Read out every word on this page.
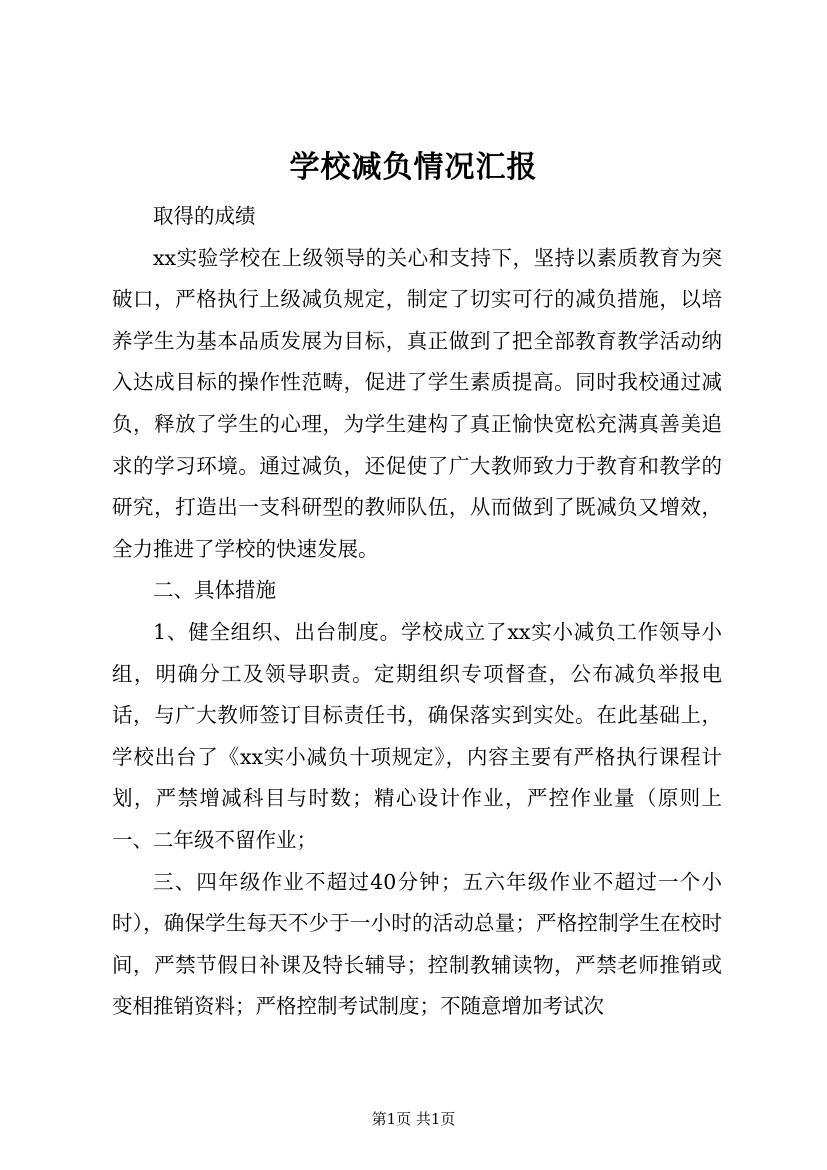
学校减负情况汇报

取得的成绩

xx实验学校在上级领导的关心和支持下，坚持以素质教育为突破口，严格执行上级减负规定，制定了切实可行的减负措施，以培养学生为基本品质发展为目标，真正做到了把全部教育教学活动纳入达成目标的操作性范畴，促进了学生素质提高。同时我校通过减负，释放了学生的心理，为学生建构了真正愉快宽松充满真善美追求的学习环境。通过减负，还促使了广大教师致力于教育和教学的研究，打造出一支科研型的教师队伍，从而做到了既减负又增效，全力推进了学校的快速发展。

二、具体措施

1、健全组织、出台制度。学校成立了xx实小减负工作领导小组，明确分工及领导职责。定期组织专项督查，公布减负举报电话，与广大教师签订目标责任书，确保落实到实处。在此基础上，学校出台了《xx实小减负十项规定》，内容主要有严格执行课程计划，严禁增减科目与时数；精心设计作业，严控作业量（原则上一、二年级不留作业；

三、四年级作业不超过40分钟；五六年级作业不超过一个小时），确保学生每天不少于一小时的活动总量；严格控制学生在校时间，严禁节假日补课及特长辅导；控制教辅读物，严禁老师推销或变相推销资料；严格控制考试制度；不随意增加考试次

第1页 共1页
